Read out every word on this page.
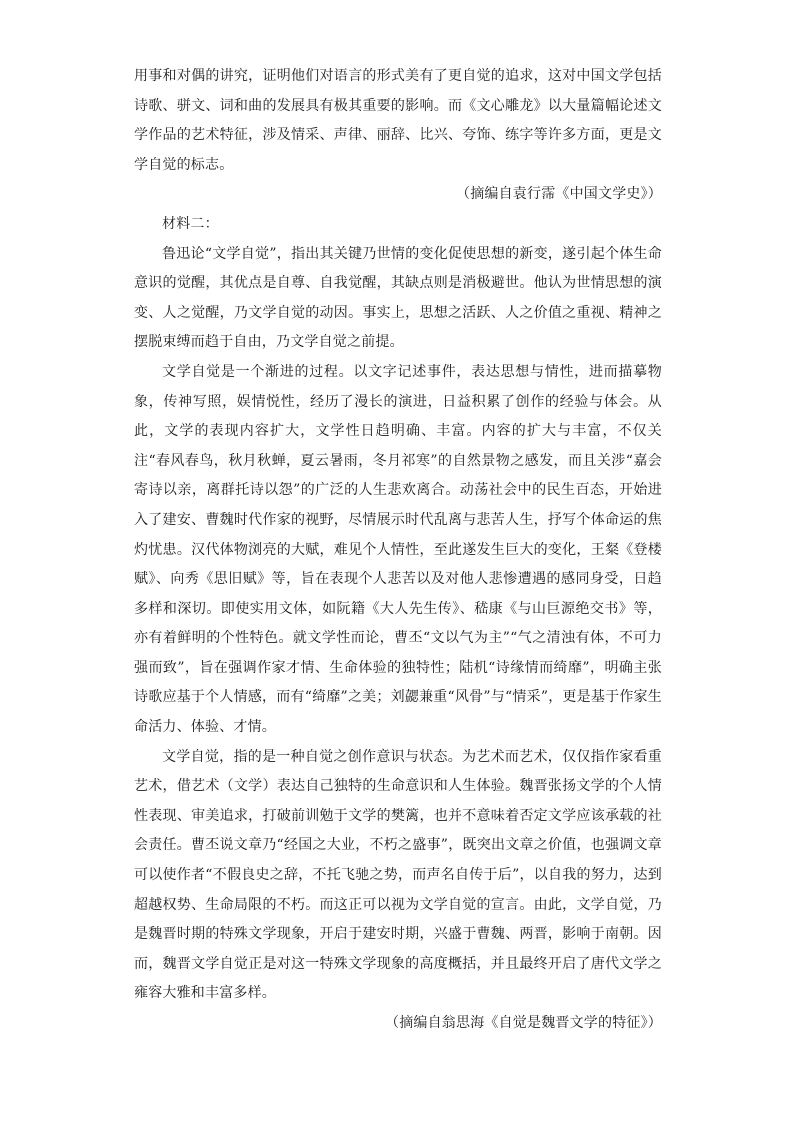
用事和对偶的讲究，证明他们对语言的形式美有了更自觉的追求，这对中国文学包括诗歌、骈文、词和曲的发展具有极其重要的影响。而《文心雕龙》以大量篇幅论述文学作品的艺术特征，涉及情采、声律、丽辞、比兴、夸饰、练字等许多方面，更是文学自觉的标志。

（摘编自袁行霈《中国文学史》）

材料二：

鲁迅论“文学自觉”，指出其关键乃世情的变化促使思想的新变，遂引起个体生命意识的觉醒，其优点是自尊、自我觉醒，其缺点则是消极避世。他认为世情思想的演变、人之觉醒，乃文学自觉的动因。事实上，思想之活跃、人之价值之重视、精神之摆脱束缚而趋于自由，乃文学自觉之前提。

文学自觉是一个渐进的过程。以文字记述事件，表达思想与情性，进而描摹物象，传神写照，娱情悦性，经历了漫长的演进，日益积累了创作的经验与体会。从此，文学的表现内容扩大，文学性日趋明确、丰富。内容的扩大与丰富，不仅关注“春风春鸟，秋月秋蝉，夏云暑雨，冬月祁寒”的自然景物之感发，而且关涉“嘉会寄诗以亲，离群托诗以怨”的广泛的人生悲欢离合。动荡社会中的民生百态，开始进入了建安、曹魏时代作家的视野，尽情展示时代乱离与悲苦人生，抒写个体命运的焦灼忧患。汉代体物浏亮的大赋，难见个人情性，至此遂发生巨大的变化，王粲《登楼赋》、向秀《思旧赋》等，旨在表现个人悲苦以及对他人悲惨遭遇的感同身受，日趋多样和深切。即使实用文体，如阮籍《大人先生传》、嵇康《与山巨源绝交书》等，亦有着鲜明的个性特色。就文学性而论，曹丕“文以气为主”“气之清浊有体，不可力强而致”，旨在强调作家才情、生命体验的独特性；陆机“诗缘情而绮靡”，明确主张诗歌应基于个人情感，而有“绮靡”之美；刘勰兼重“风骨”与“情采”，更是基于作家生命活力、体验、才情。

文学自觉，指的是一种自觉之创作意识与状态。为艺术而艺术，仅仅指作家看重艺术，借艺术（文学）表达自己独特的生命意识和人生体验。魏晋张扬文学的个人情性表现、审美追求，打破前训勉于文学的樊篱，也并不意味着否定文学应该承载的社会责任。曹丕说文章乃“经国之大业，不朽之盛事”，既突出文章之价值，也强调文章可以使作者“不假良史之辞，不托飞驰之势，而声名自传于后”，以自我的努力，达到超越权势、生命局限的不朽。而这正可以视为文学自觉的宣言。由此，文学自觉，乃是魏晋时期的特殊文学现象，开启于建安时期，兴盛于曹魏、两晋，影响于南朝。因而，魏晋文学自觉正是对这一特殊文学现象的高度概括，并且最终开启了唐代文学之雍容大雅和丰富多样。

（摘编自翁思海《自觉是魏晋文学的特征》）
